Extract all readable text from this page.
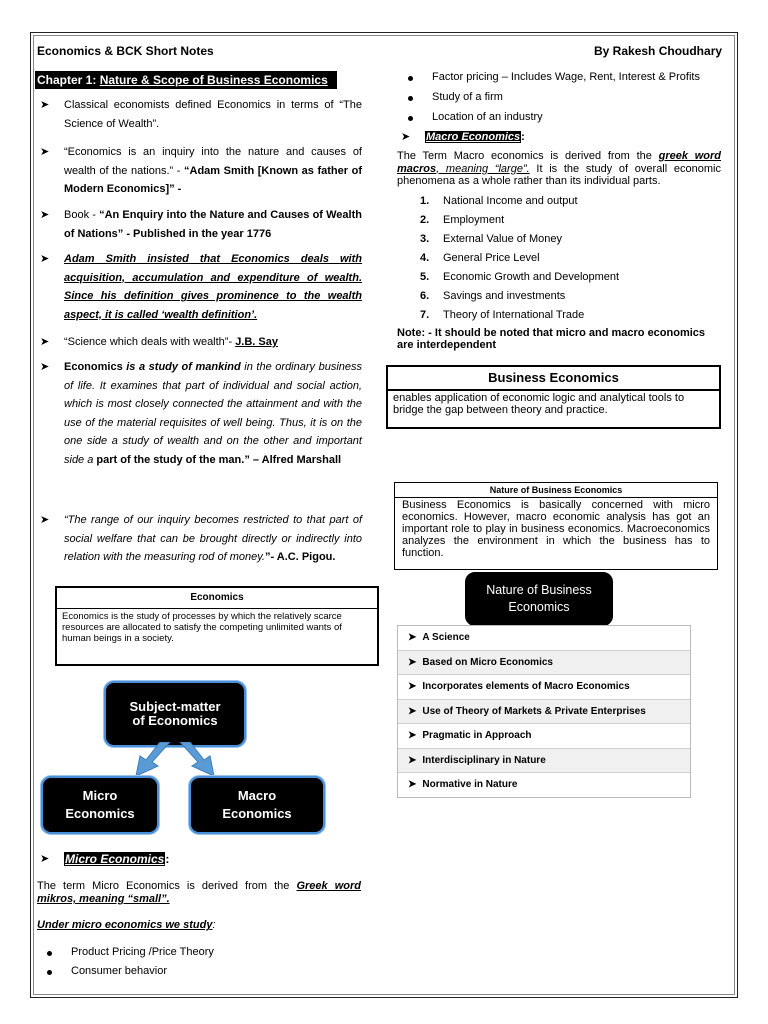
Economics & BCK Short Notes	By Rakesh Choudhary
Chapter 1: Nature & Scope of Business Economics
➤ Classical economists defined Economics in terms of “The Science of Wealth”.
➤ “Economics is an inquiry into the nature and causes of wealth of the nations.” - “Adam Smith [Known as father of Modern Economics]” -
➤ Book - “An Enquiry into the Nature and Causes of Wealth of Nations” - Published in the year 1776
➤ Adam Smith insisted that Economics deals with acquisition, accumulation and expenditure of wealth. Since his definition gives prominence to the wealth aspect, it is called ‘wealth definition’.
➤ “Science which deals with wealth”- J.B. Say
➤ Economics is a study of mankind in the ordinary business of life. It examines that part of individual and social action, which is most closely connected the attainment and with the use of the material requisites of well being. Thus, it is on the one side a study of wealth and on the other and important side a part of the study of the man.” – Alfred Marshall
➤ “The range of our inquiry becomes restricted to that part of social welfare that can be brought directly or indirectly into relation with the measuring rod of money.”- A.C. Pigou.
Economics
Economics is the study of processes by which the relatively scarce resources are allocated to satisfy the competing unlimited wants of human beings in a society.
Subject-matter of Economics
Micro Economics
Macro Economics
➤ Micro Economics:
The term Micro Economics is derived from the Greek word mikros, meaning “small”.
Under micro economics we study:
Product Pricing /Price Theory
Consumer behavior
Factor pricing – Includes Wage, Rent, Interest & Profits
Study of a firm
Location of an industry
➤ Macro Economics:
The Term Macro economics is derived from the greek word macros, meaning “large”. It is the study of overall economic phenomena as a whole rather than its individual parts.
1. National Income and output
2. Employment
3. External Value of Money
4. General Price Level
5. Economic Growth and Development
6. Savings and investments
7. Theory of International Trade
Note: - It should be noted that micro and macro economics are interdependent
Business Economics
enables application of economic logic and analytical tools to bridge the gap between theory and practice.
Nature of Business Economics
Business Economics is basically concerned with micro economics. However, macro economic analysis has got an important role to play in business economics. Macroeconomics analyzes the environment in which the business has to function.
Nature of Business Economics
➤ A Science
➤ Based on Micro Economics
➤ Incorporates elements of Macro Economics
➤ Use of Theory of Markets & Private Enterprises
➤ Pragmatic in Approach
➤ Interdisciplinary in Nature
➤ Normative in Nature
